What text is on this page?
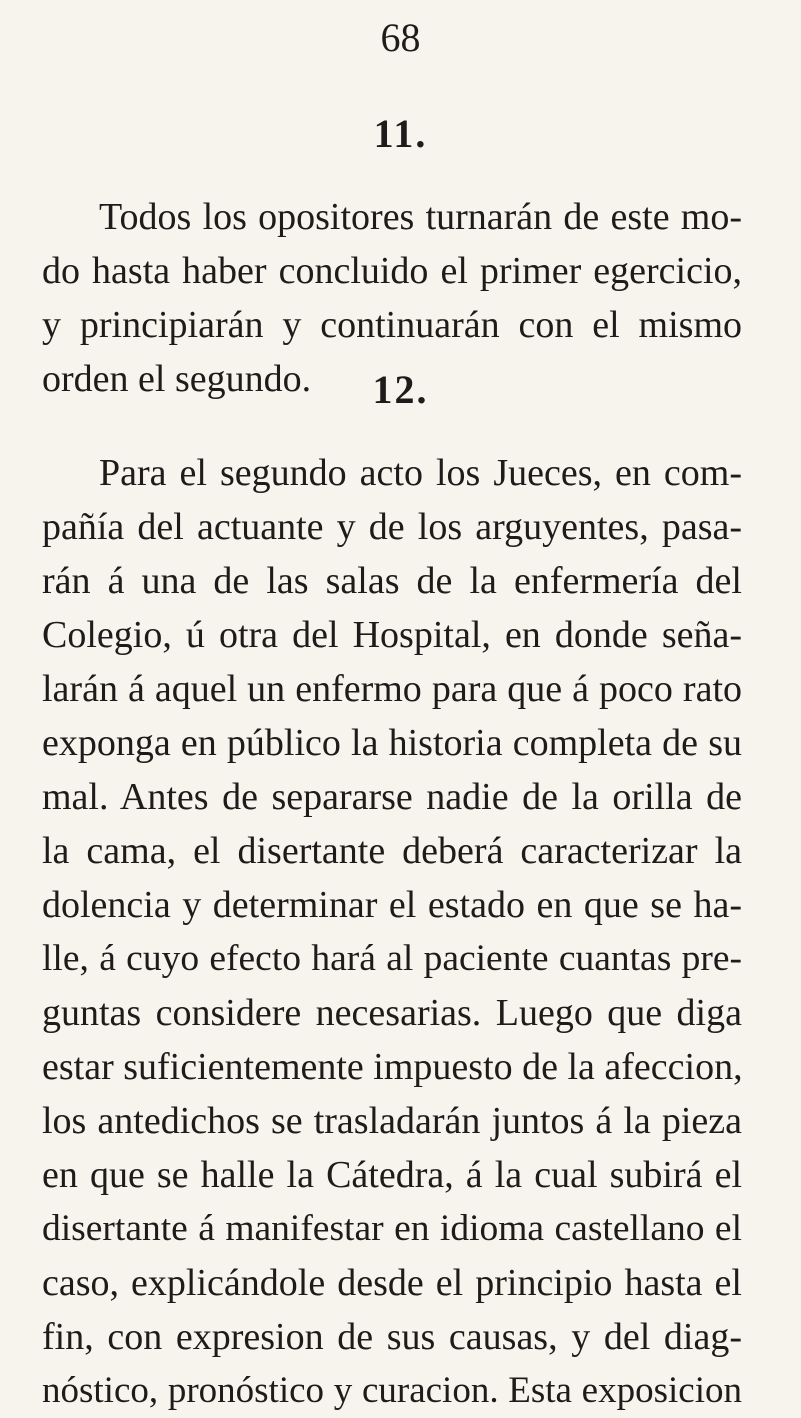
68
11.
Todos los opositores turnarán de este mo-
do hasta haber concluido el primer egercicio,
y principiarán y continuarán con el mismo
orden el segundo.	12.
Para el segundo acto los Jueces, en com-
pañía del actuante y de los arguyentes, pasa-
rán á una de las salas de la enfermería del
Colegio, ú otra del Hospital, en donde seña-
larán á aquel un enfermo para que á poco rato
exponga en público la historia completa de su
mal. Antes de separarse nadie de la orilla de
la cama, el disertante deberá caracterizar la
dolencia y determinar el estado en que se ha-
lle, á cuyo efecto hará al paciente cuantas pre-
guntas considere necesarias. Luego que diga
estar suficientemente impuesto de la afeccion,
los antedichos se trasladarán juntos á la pieza
en que se halle la Cátedra, á la cual subirá el
disertante á manifestar en idioma castellano el
caso, explicándole desde el principio hasta el
fin, con expresion de sus causas, y del diag-
nóstico, pronóstico y curacion. Esta exposicion
